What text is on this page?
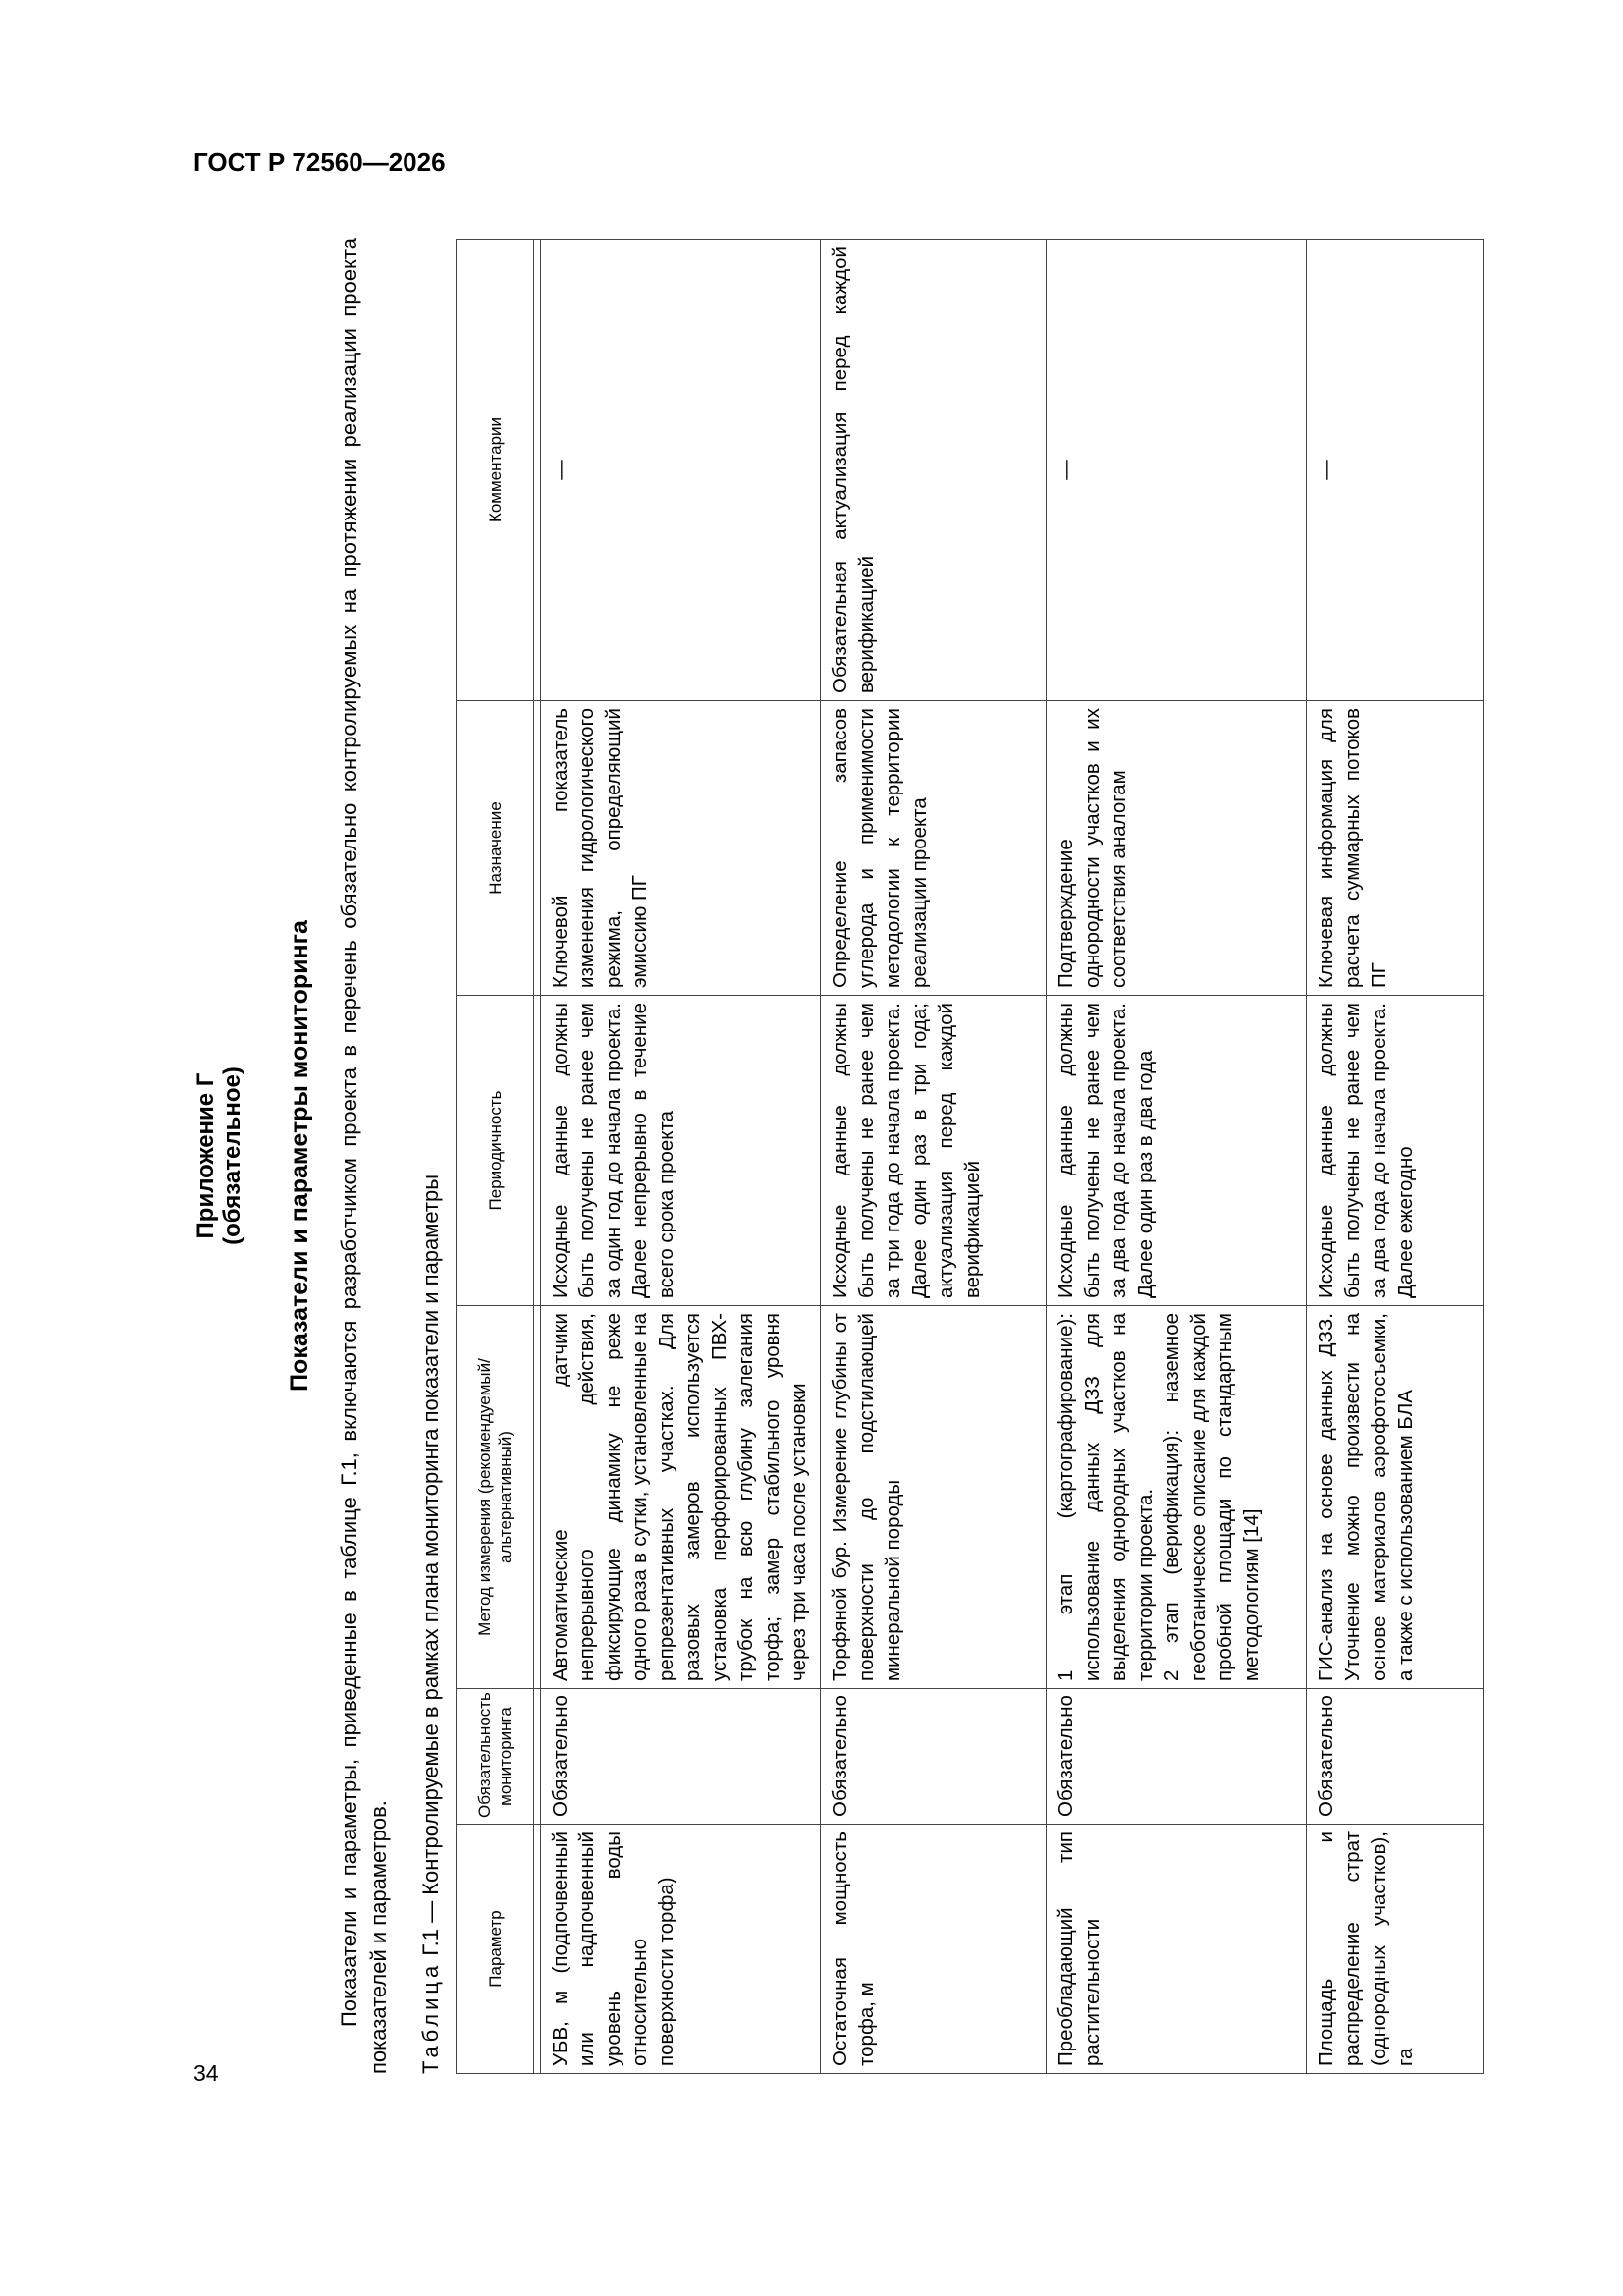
ГОСТ Р 72560—2026
34
Приложение Г (обязательное) Показатели и параметры мониторинга Показатели и параметры, приведенные в таблице Г.1, включаются разработчиком проекта в перечень обязательно контролируемых на протяжении реализации проекта показателей и параметров. Таблица Г.1 — Контролируемые в рамках плана мониторинга показатели и параметры	Параметр	Обязательность мониторинга	Метод измерения (рекомендуемый/ альтернативный)	Периодичность	Назначение	Комментарии

УБВ, м (подпочвенный или надпочвенный уровень воды относительно поверхности торфа)	Обязательно	Автоматические датчики непрерывного действия, фиксирующие динамику не реже одного раза в сутки, установленные на репрезентативных участках. Для разовых замеров используется установка перфорированных ПВХ-трубок на всю глубину залегания торфа; замер стабильного уровня через три часа после установки	Исходные данные должны быть получены не ранее чем за один год до начала проекта. Далее непрерывно в течение всего срока проекта	Ключевой показатель изменения гидрологического режима, определяющий эмиссию ПГ	—
Остаточная мощность торфа, м	Обязательно	Торфяной бур. Измерение глубины от поверхности до подстилающей минеральной породы	Исходные данные должны быть получены не ранее чем за три года до начала проекта. Далее один раз в три года; актуализация перед каждой верификацией	Определение запасов углерода и применимости методологии к территории реализации проекта	Обязательная актуализация перед каждой верификацией
Преобладающий тип растительности	Обязательно	1 этап (картографирование): использование данных ДЗЗ для выделения однородных участков на территории проекта.
2 этап (верификация): наземное геоботаническое описание для каждой пробной площади по стандартным методологиям [14]	Исходные данные должны быть получены не ранее чем за два года до начала проекта. Далее один раз в два года	Подтверждение однородности участков и их соответствия аналогам	—
Площадь и распределение страт (однородных участков), га	Обязательно	ГИС-анализ на основе данных ДЗЗ. Уточнение можно произвести на основе материалов аэрофотосъемки, а также с использованием БЛА	Исходные данные должны быть получены не ранее чем за два года до начала проекта. Далее ежегодно	Ключевая информация для расчета суммарных потоков ПГ	—
